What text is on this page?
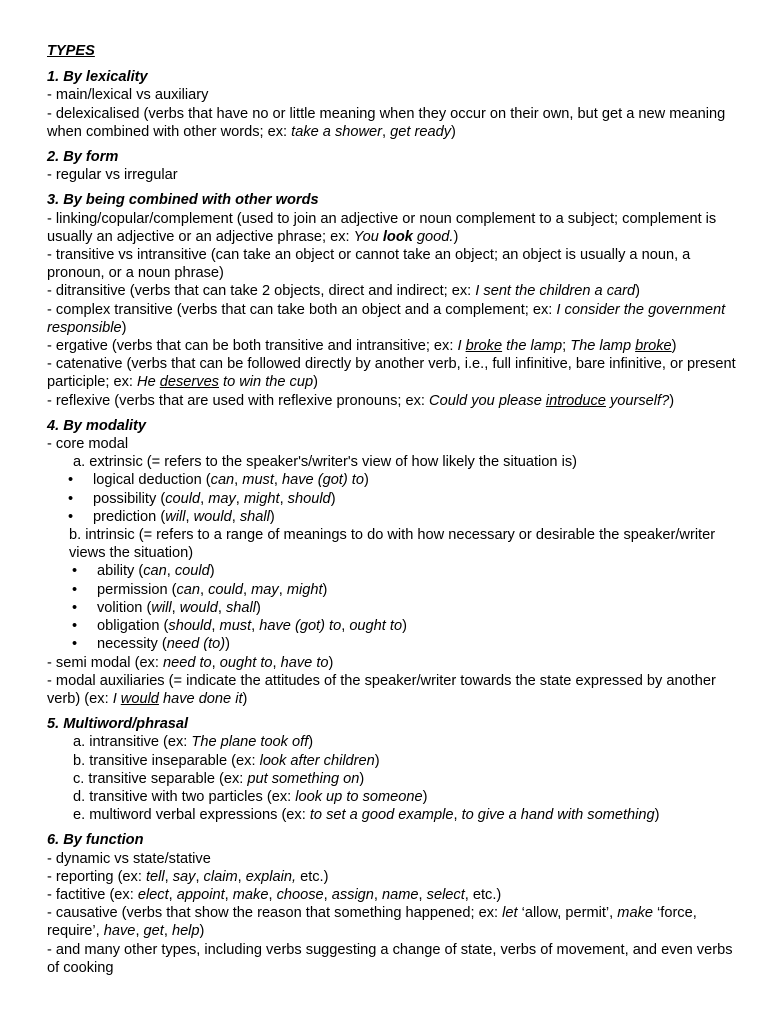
TYPES

1. By lexicality

- main/lexical vs auxiliary

- delexicalised (verbs that have no or little meaning when they occur on their own, but get a new meaning when combined with other words; ex: take a shower, get ready)

2. By form

- regular vs irregular

3. By being combined with other words

- linking/copular/complement (used to join an adjective or noun complement to a subject; complement is usually an adjective or an adjective phrase; ex: You look good.)

- transitive vs intransitive (can take an object or cannot take an object; an object is usually a noun, a pronoun, or a noun phrase)

- ditransitive (verbs that can take 2 objects, direct and indirect; ex: I sent the children a card)

- complex transitive (verbs that can take both an object and a complement; ex: I consider the government responsible)

- ergative (verbs that can be both transitive and intransitive; ex: I broke the lamp; The lamp broke)

- catenative (verbs that can be followed directly by another verb, i.e., full infinitive, bare infinitive, or present participle; ex: He deserves to win the cup)

- reflexive (verbs that are used with reflexive pronouns; ex: Could you please introduce yourself?)

4. By modality

- core modal

a. extrinsic (= refers to the speaker's/writer's view of how likely the situation is)

• logical deduction (can, must, have (got) to)

• possibility (could, may, might, should)

• prediction (will, would, shall)

b. intrinsic (= refers to a range of meanings to do with how necessary or desirable the speaker/writer views the situation)

• ability (can, could)

• permission (can, could, may, might)

• volition (will, would, shall)

• obligation (should, must, have (got) to, ought to)

• necessity (need (to))

- semi modal (ex: need to, ought to, have to)

- modal auxiliaries (= indicate the attitudes of the speaker/writer towards the state expressed by another verb) (ex: I would have done it)

5. Multiword/phrasal

a. intransitive (ex: The plane took off)

b. transitive inseparable (ex: look after children)

c. transitive separable (ex: put something on)

d. transitive with two particles (ex: look up to someone)

e. multiword verbal expressions (ex: to set a good example, to give a hand with something)

6. By function

- dynamic vs state/stative

- reporting (ex: tell, say, claim, explain, etc.)

- factitive (ex: elect, appoint, make, choose, assign, name, select, etc.)

- causative (verbs that show the reason that something happened; ex: let ‘allow, permit’, make ‘force, require’, have, get, help)

- and many other types, including verbs suggesting a change of state, verbs of movement, and even verbs of cooking
